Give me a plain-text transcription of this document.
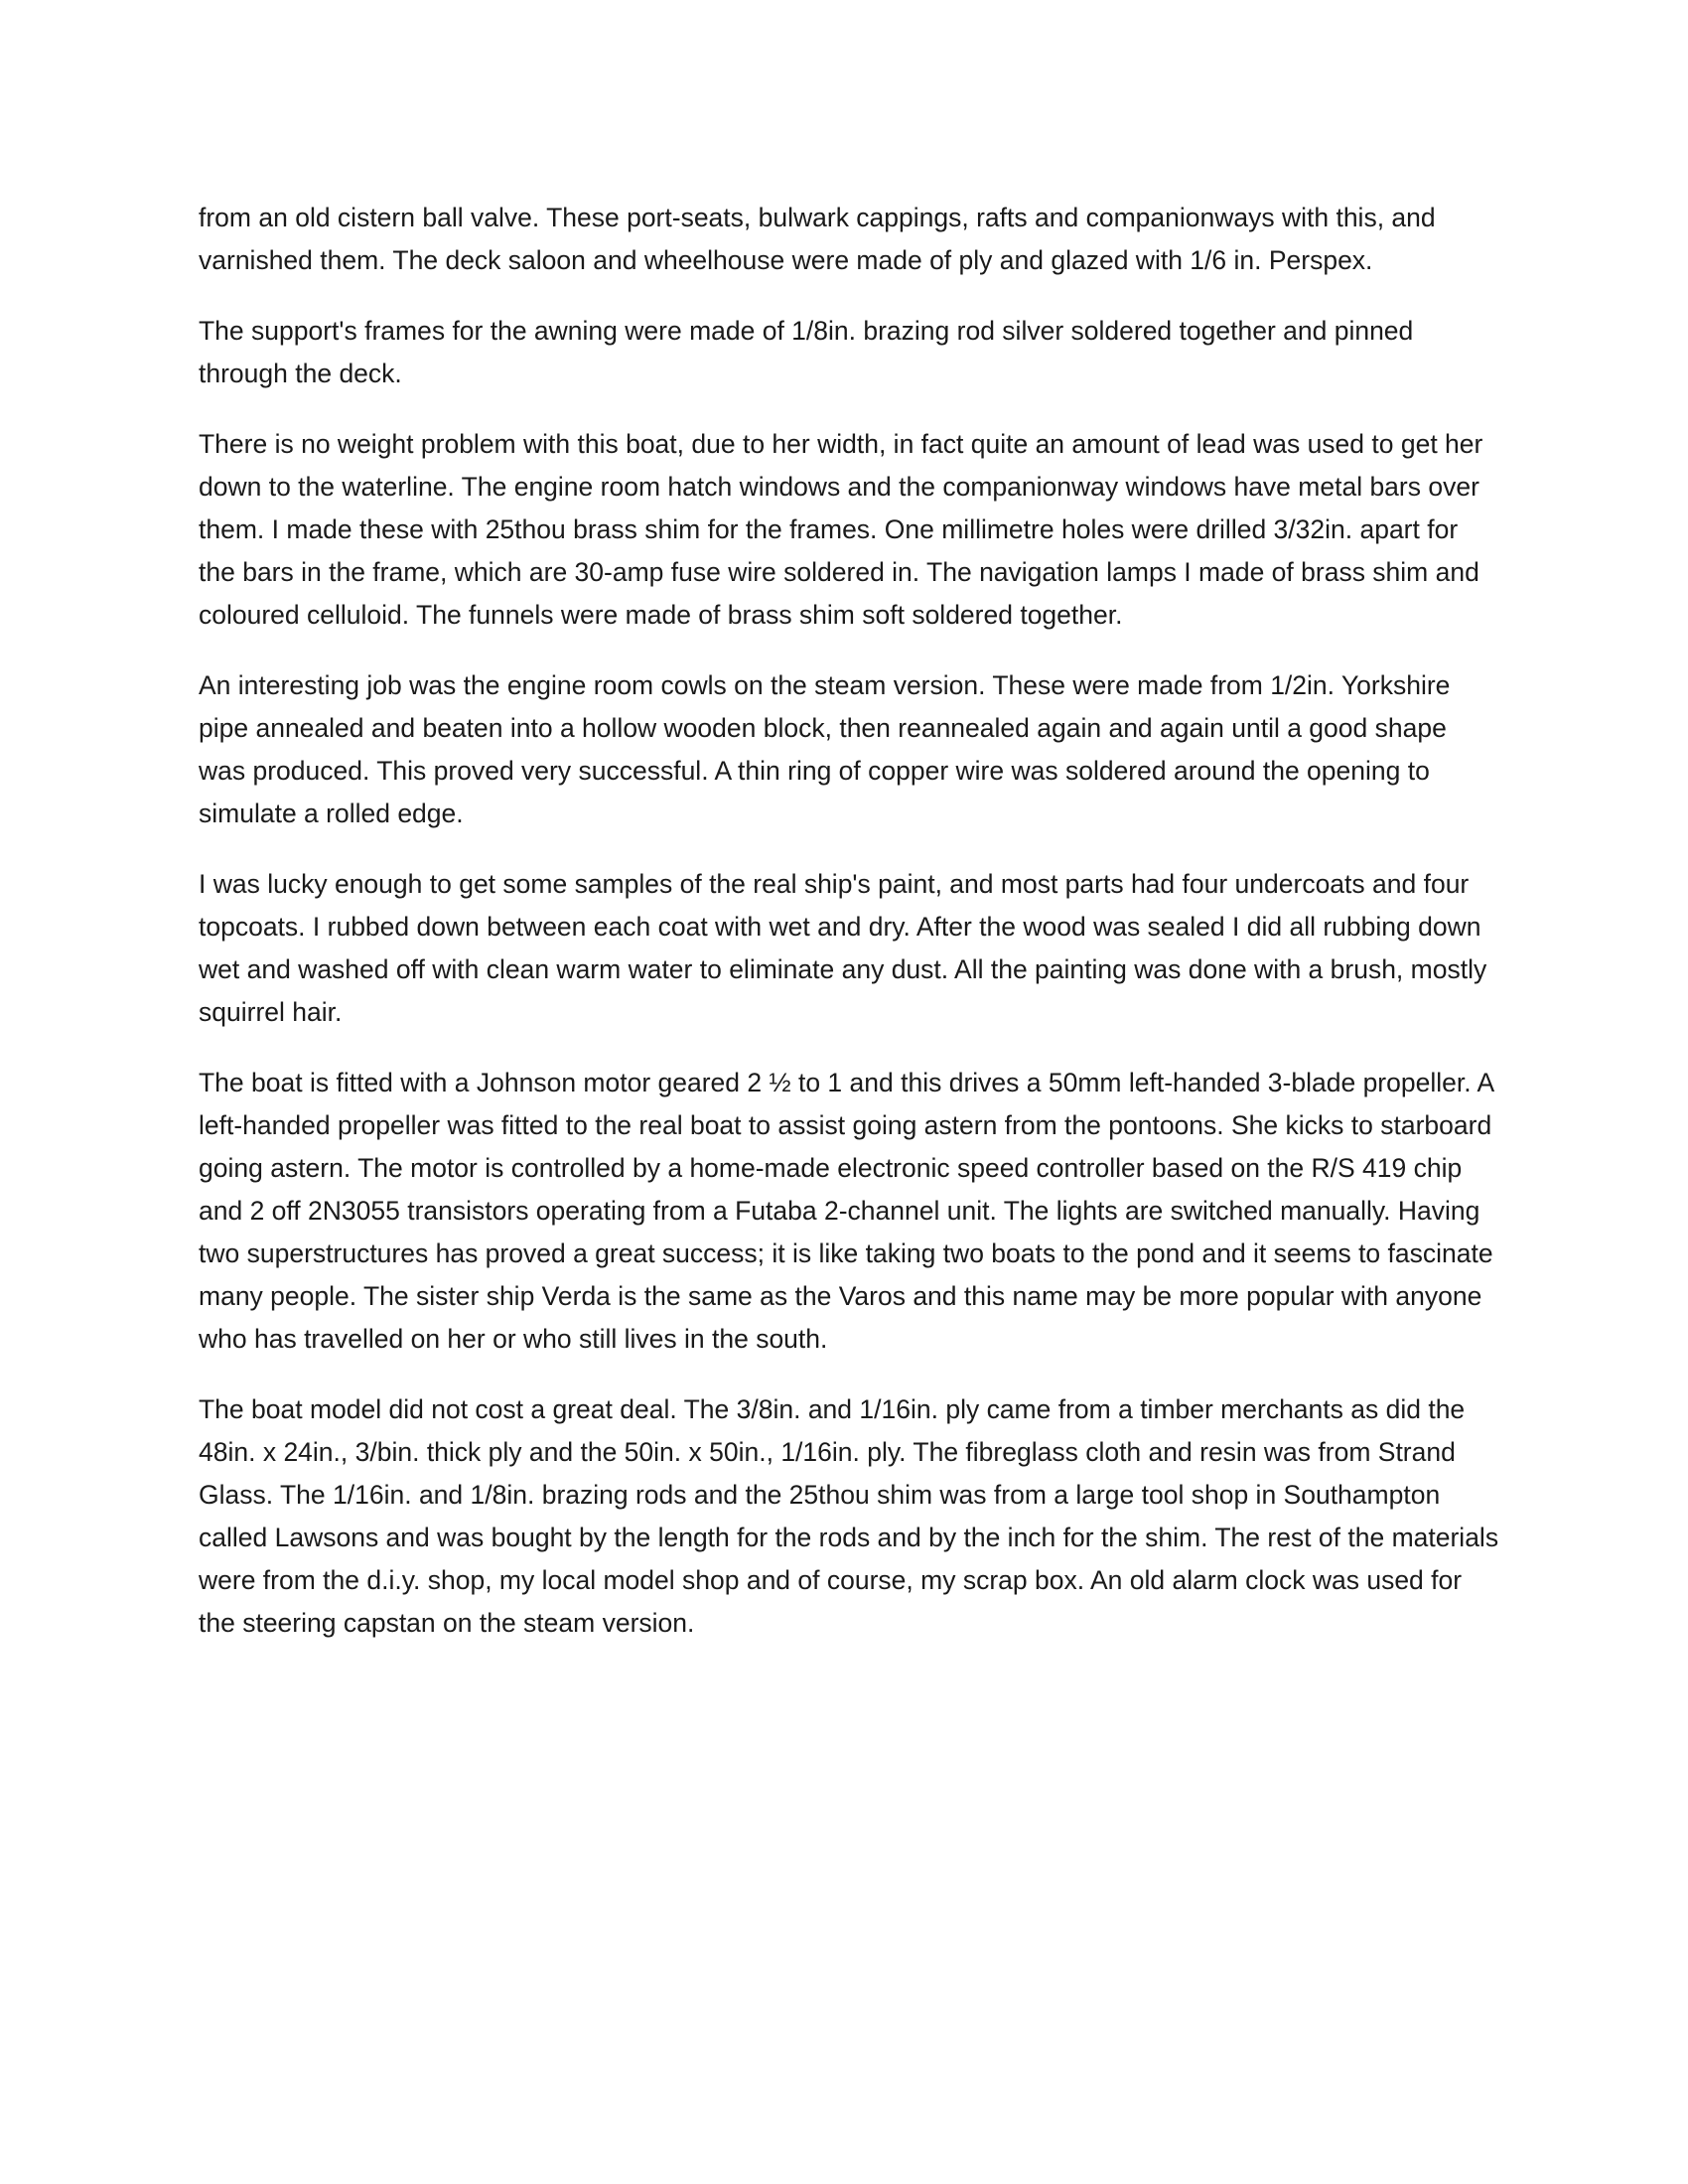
from an old cistern ball valve. These port-seats, bulwark cappings, rafts and companionways with this, and varnished them. The deck saloon and wheelhouse were made of ply and glazed with 1/6 in. Perspex.

The support's frames for the awning were made of 1/8in. brazing rod silver soldered together and pinned through the deck.

There is no weight problem with this boat, due to her width, in fact quite an amount of lead was used to get her down to the waterline. The engine room hatch windows and the companionway windows have metal bars over them. I made these with 25thou brass shim for the frames. One millimetre holes were drilled 3/32in. apart for the bars in the frame, which are 30-amp fuse wire soldered in. The navigation lamps I made of brass shim and coloured celluloid. The funnels were made of brass shim soft soldered together.

An interesting job was the engine room cowls on the steam version. These were made from 1/2in. Yorkshire pipe annealed and beaten into a hollow wooden block, then reannealed again and again until a good shape was produced. This proved very successful. A thin ring of copper wire was soldered around the opening to simulate a rolled edge.

I was lucky enough to get some samples of the real ship's paint, and most parts had four undercoats and four topcoats. I rubbed down between each coat with wet and dry. After the wood was sealed I did all rubbing down wet and washed off with clean warm water to eliminate any dust. All the painting was done with a brush, mostly squirrel hair.

The boat is fitted with a Johnson motor geared 2 ½ to 1 and this drives a 50mm left-handed 3-blade propeller. A left-handed propeller was fitted to the real boat to assist going astern from the pontoons. She kicks to starboard going astern. The motor is controlled by a home-made electronic speed controller based on the R/S 419 chip and 2 off 2N3055 transistors operating from a Futaba 2-channel unit. The lights are switched manually. Having two superstructures has proved a great success; it is like taking two boats to the pond and it seems to fascinate many people. The sister ship Verda is the same as the Varos and this name may be more popular with anyone who has travelled on her or who still lives in the south.

The boat model did not cost a great deal. The 3/8in. and 1/16in. ply came from a timber merchants as did the 48in. x 24in., 3/bin. thick ply and the 50in. x 50in., 1/16in. ply. The fibreglass cloth and resin was from Strand Glass. The 1/16in. and 1/8in. brazing rods and the 25thou shim was from a large tool shop in Southampton called Lawsons and was bought by the length for the rods and by the inch for the shim. The rest of the materials were from the d.i.y. shop, my local model shop and of course, my scrap box. An old alarm clock was used for the steering capstan on the steam version.
